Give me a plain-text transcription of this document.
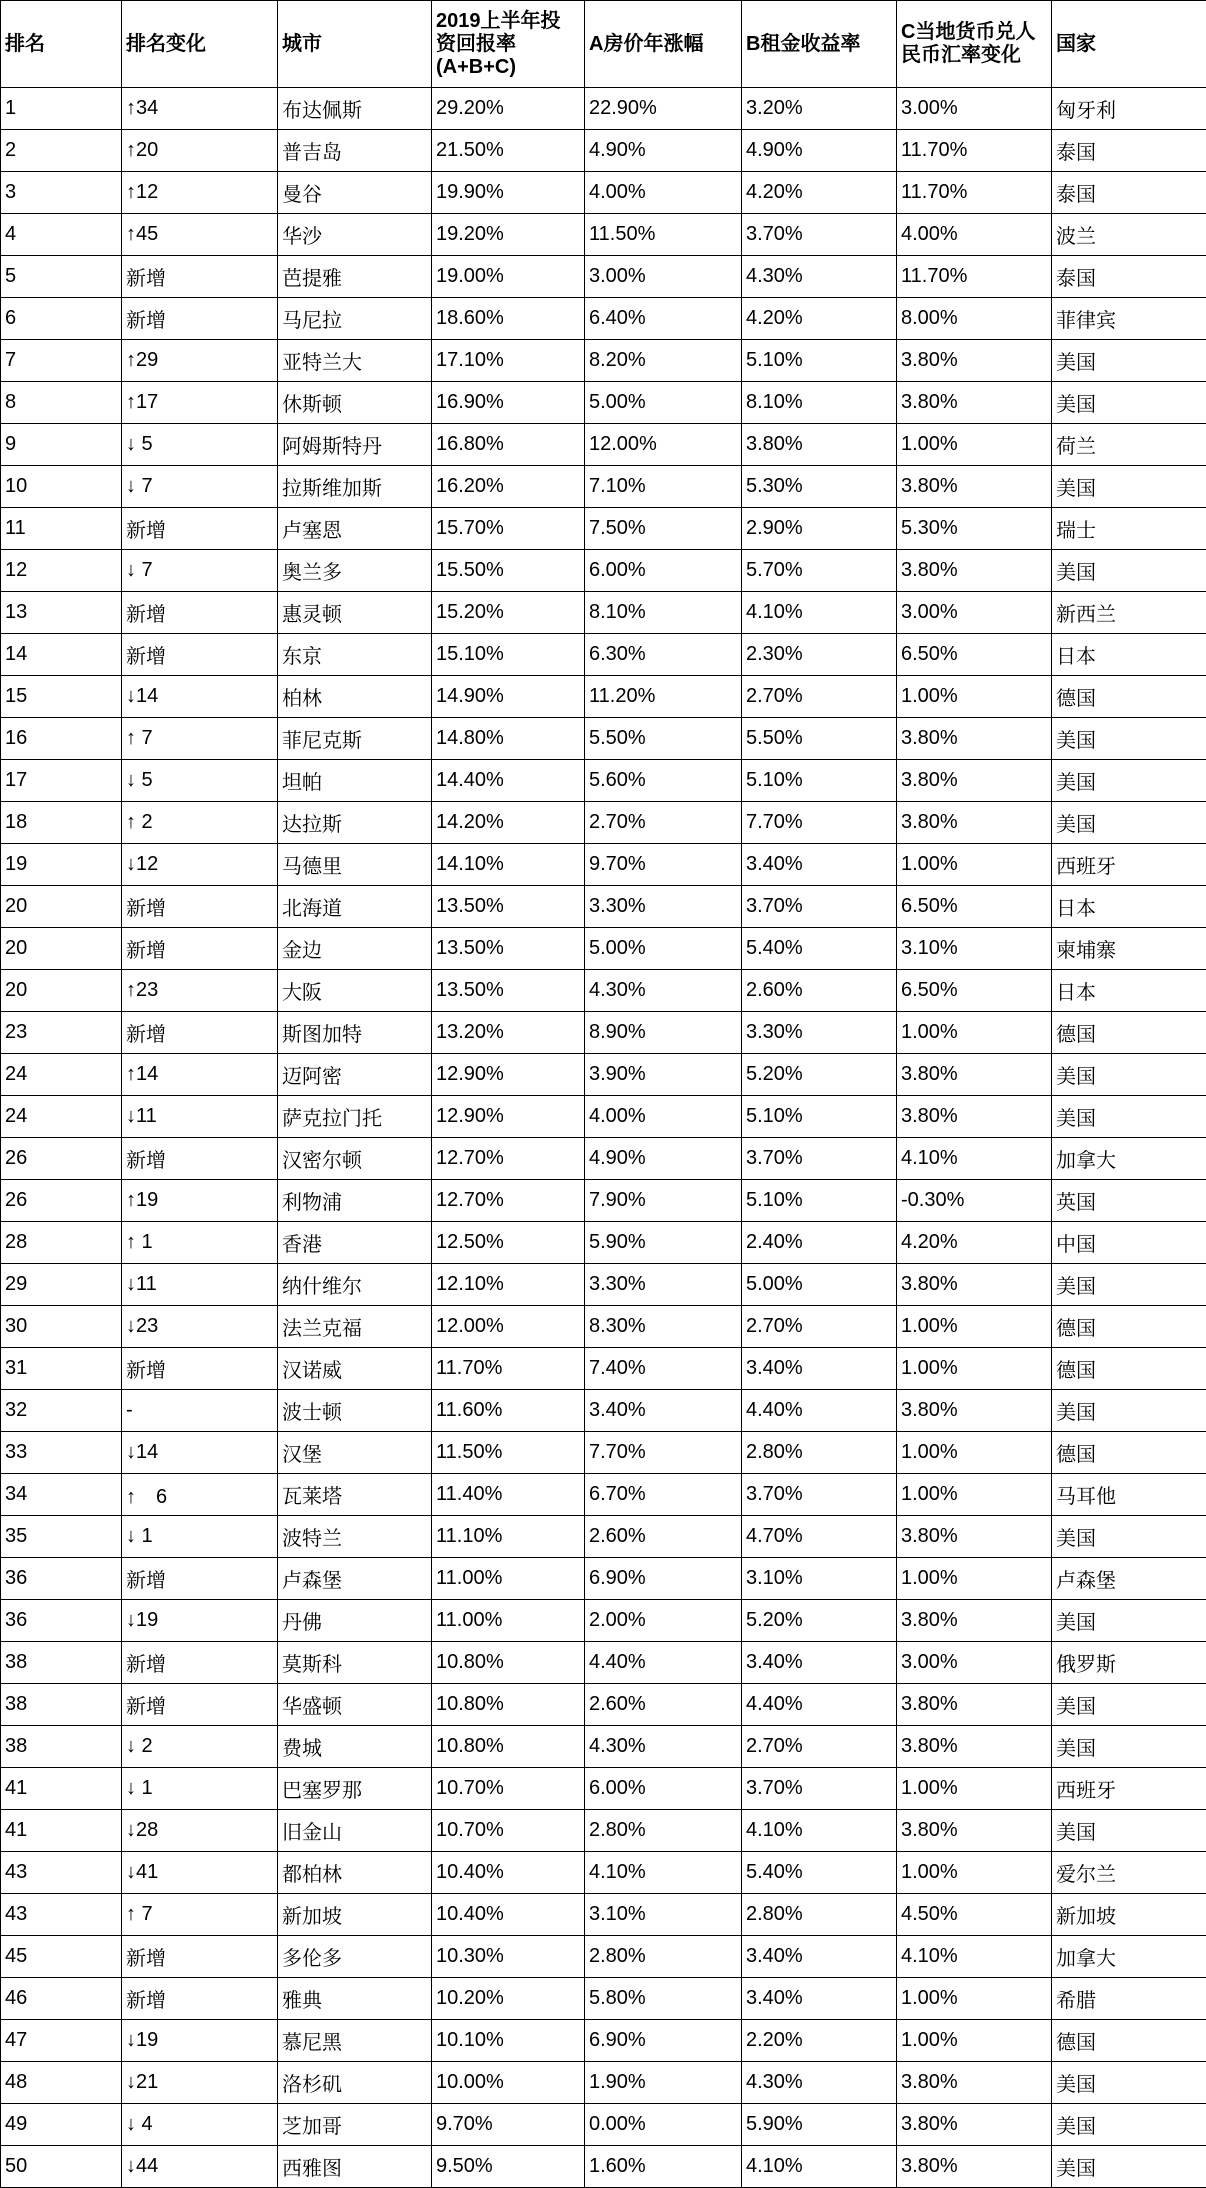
排名	排名变化	城市	2019上半年投资回报率(A+B+C)	A房价年涨幅	B租金收益率	C当地货币兑人民币汇率变化	国家
1	↑34	布达佩斯	29.20%	22.90%	3.20%	3.00%	匈牙利
2	↑20	普吉岛	21.50%	4.90%	4.90%	11.70%	泰国
3	↑12	曼谷	19.90%	4.00%	4.20%	11.70%	泰国
4	↑45	华沙	19.20%	11.50%	3.70%	4.00%	波兰
5	新增	芭提雅	19.00%	3.00%	4.30%	11.70%	泰国
6	新增	马尼拉	18.60%	6.40%	4.20%	8.00%	菲律宾
7	↑29	亚特兰大	17.10%	8.20%	5.10%	3.80%	美国
8	↑17	休斯顿	16.90%	5.00%	8.10%	3.80%	美国
9	↓ 5	阿姆斯特丹	16.80%	12.00%	3.80%	1.00%	荷兰
10	↓ 7	拉斯维加斯	16.20%	7.10%	5.30%	3.80%	美国
11	新增	卢塞恩	15.70%	7.50%	2.90%	5.30%	瑞士
12	↓ 7	奥兰多	15.50%	6.00%	5.70%	3.80%	美国
13	新增	惠灵顿	15.20%	8.10%	4.10%	3.00%	新西兰
14	新增	东京	15.10%	6.30%	2.30%	6.50%	日本
15	↓14	柏林	14.90%	11.20%	2.70%	1.00%	德国
16	↑ 7	菲尼克斯	14.80%	5.50%	5.50%	3.80%	美国
17	↓ 5	坦帕	14.40%	5.60%	5.10%	3.80%	美国
18	↑ 2	达拉斯	14.20%	2.70%	7.70%	3.80%	美国
19	↓12	马德里	14.10%	9.70%	3.40%	1.00%	西班牙
20	新增	北海道	13.50%	3.30%	3.70%	6.50%	日本
20	新增	金边	13.50%	5.00%	5.40%	3.10%	柬埔寨
20	↑23	大阪	13.50%	4.30%	2.60%	6.50%	日本
23	新增	斯图加特	13.20%	8.90%	3.30%	1.00%	德国
24	↑14	迈阿密	12.90%	3.90%	5.20%	3.80%	美国
24	↓11	萨克拉门托	12.90%	4.00%	5.10%	3.80%	美国
26	新增	汉密尔顿	12.70%	4.90%	3.70%	4.10%	加拿大
26	↑19	利物浦	12.70%	7.90%	5.10%	-0.30%	英国
28	↑ 1	香港	12.50%	5.90%	2.40%	4.20%	中国
29	↓11	纳什维尔	12.10%	3.30%	5.00%	3.80%	美国
30	↓23	法兰克福	12.00%	8.30%	2.70%	1.00%	德国
31	新增	汉诺威	11.70%	7.40%	3.40%	1.00%	德国
32	-	波士顿	11.60%	3.40%	4.40%	3.80%	美国
33	↓14	汉堡	11.50%	7.70%	2.80%	1.00%	德国
34	↑　6	瓦莱塔	11.40%	6.70%	3.70%	1.00%	马耳他
35	↓ 1	波特兰	11.10%	2.60%	4.70%	3.80%	美国
36	新增	卢森堡	11.00%	6.90%	3.10%	1.00%	卢森堡
36	↓19	丹佛	11.00%	2.00%	5.20%	3.80%	美国
38	新增	莫斯科	10.80%	4.40%	3.40%	3.00%	俄罗斯
38	新增	华盛顿	10.80%	2.60%	4.40%	3.80%	美国
38	↓ 2	费城	10.80%	4.30%	2.70%	3.80%	美国
41	↓ 1	巴塞罗那	10.70%	6.00%	3.70%	1.00%	西班牙
41	↓28	旧金山	10.70%	2.80%	4.10%	3.80%	美国
43	↓41	都柏林	10.40%	4.10%	5.40%	1.00%	爱尔兰
43	↑ 7	新加坡	10.40%	3.10%	2.80%	4.50%	新加坡
45	新增	多伦多	10.30%	2.80%	3.40%	4.10%	加拿大
46	新增	雅典	10.20%	5.80%	3.40%	1.00%	希腊
47	↓19	慕尼黑	10.10%	6.90%	2.20%	1.00%	德国
48	↓21	洛杉矶	10.00%	1.90%	4.30%	3.80%	美国
49	↓ 4	芝加哥	9.70%	0.00%	5.90%	3.80%	美国
50	↓44	西雅图	9.50%	1.60%	4.10%	3.80%	美国
